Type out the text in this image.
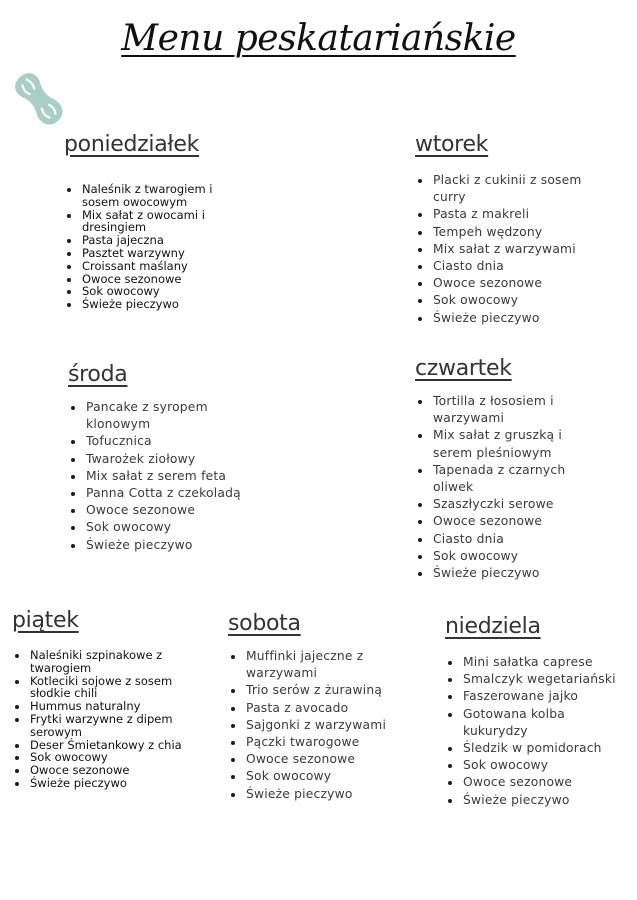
Menu peskatariańskie
poniedziałek
Naleśnik z twarogiem i sosem owocowym
Mix sałat z owocami i dresingiem
Pasta jajeczna
Pasztet warzywny
Croissant maślany
Owoce sezonowe
Sok owocowy
Świeże pieczywo
wtorek
Placki z cukinii z sosem curry
Pasta z makreli
Tempeh wędzony
Mix sałat z warzywami
Ciasto dnia
Owoce sezonowe
Sok owocowy
Świeże pieczywo
środa
Pancake z syropem klonowym
Tofucznica
Twarożek ziołowy
Mix sałat z serem feta
Panna Cotta z czekoladą
Owoce sezonowe
Sok owocowy
Świeże pieczywo
czwartek
Tortilla z łososiem i warzywami
Mix sałat z gruszką i serem pleśniowym
Tapenada z czarnych oliwek
Szaszłyczki serowe
Owoce sezonowe
Ciasto dnia
Sok owocowy
Świeże pieczywo
piątek
Naleśniki szpinakowe z twarogiem
Kotleciki sojowe z sosem słodkie chili
Hummus naturalny
Frytki warzywne z dipem serowym
Deser Śmietankowy z chia
Sok owocowy
Owoce sezonowe
Świeże pieczywo
sobota
Muffinki jajeczne z warzywami
Trio serów z żurawiną
Pasta z avocado
Sajgonki z warzywami
Pączki twarogowe
Owoce sezonowe
Sok owocowy
Świeże pieczywo
niedziela
Mini sałatka caprese
Smalczyk wegetariański
Faszerowane jajko
Gotowana kolba kukurydzy
Śledzik w pomidorach
Sok owocowy
Owoce sezonowe
Świeże pieczywo
